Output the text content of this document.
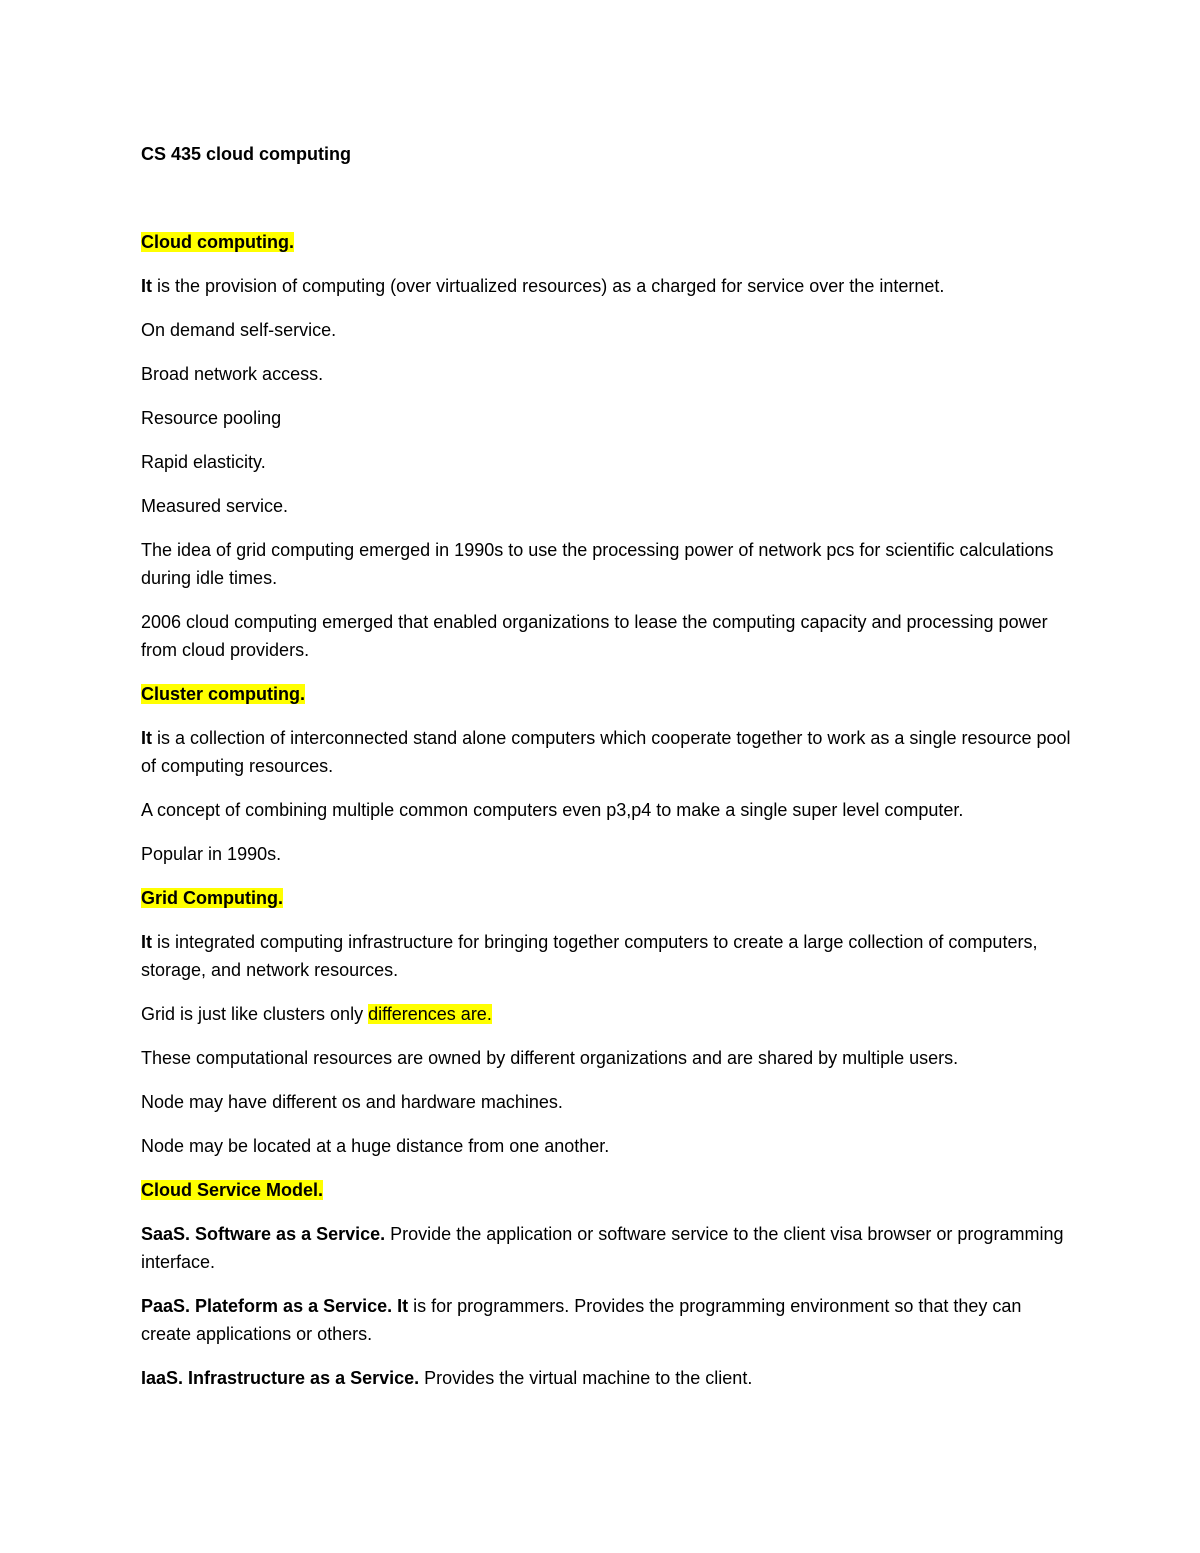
CS 435 cloud computing

Cloud computing.

It is the provision of computing (over virtualized resources) as a charged for service over the internet.

On demand self-service.

Broad network access.

Resource pooling

Rapid elasticity.

Measured service.

The idea of grid computing emerged in 1990s to use the processing power of network pcs for scientific calculations during idle times.

2006 cloud computing emerged that enabled organizations to lease the computing capacity and processing power from cloud providers.

Cluster computing.

It is a collection of interconnected stand alone computers which cooperate together to work as a single resource pool of computing resources.

A concept of combining multiple common computers even p3,p4 to make a single super level computer.

Popular in 1990s.

Grid Computing.

It is integrated computing infrastructure for bringing together computers to create a large collection of computers, storage, and network resources.

Grid is just like clusters only differences are.

These computational resources are owned by different organizations and are shared by multiple users.

Node may have different os and hardware machines.

Node may be located at a huge distance from one another.

Cloud Service Model.

SaaS. Software as a Service. Provide the application or software service to the client visa browser or programming interface.

PaaS. Plateform as a Service. It is for programmers. Provides the programming environment so that they can create applications or others.

IaaS. Infrastructure as a Service. Provides the virtual machine to the client.
